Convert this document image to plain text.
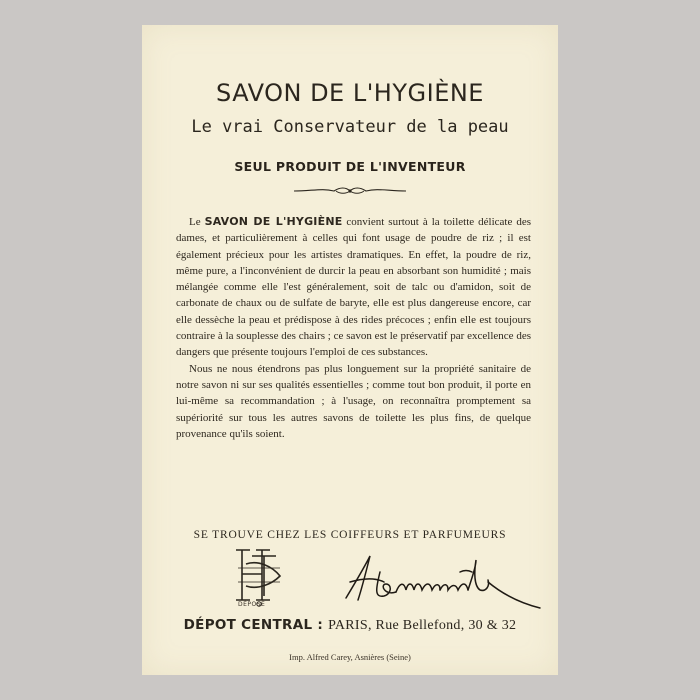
SAVON DE L'HYGIÈNE
Le vrai Conservateur de la peau
SEUL PRODUIT DE L'INVENTEUR

Le SAVON DE L'HYGIÈNE convient surtout à la toilette délicate des dames, et particulièrement à celles qui font usage de poudre de riz ; il est également précieux pour les artistes dramatiques. En effet, la poudre de riz, même pure, a l'inconvénient de durcir la peau en absorbant son humidité ; mais mélangée comme elle l'est généralement, soit de talc ou d'amidon, soit de carbonate de chaux ou de sulfate de baryte, elle est plus dangereuse encore, car elle dessèche la peau et prédispose à des rides précoces ; enfin elle est toujours contraire à la souplesse des chairs ; ce savon est le préservatif par excellence des dangers que présente toujours l'emploi de ces substances.

Nous ne nous étendrons pas plus longuement sur la propriété sanitaire de notre savon ni sur ses qualités essentielles ; comme tout bon produit, il porte en lui-même sa recommandation ; à l'usage, on reconnaîtra promptement sa supériorité sur tous les autres savons de toilette les plus fins, de quelque provenance qu'ils soient.

SE TROUVE CHEZ LES COIFFEURS ET PARFUMEURS
DÉPOSÉ
DÉPOT CENTRAL : PARIS, Rue Bellefond, 30 & 32
Imp. Alfred Carey, Asnières (Seine)
